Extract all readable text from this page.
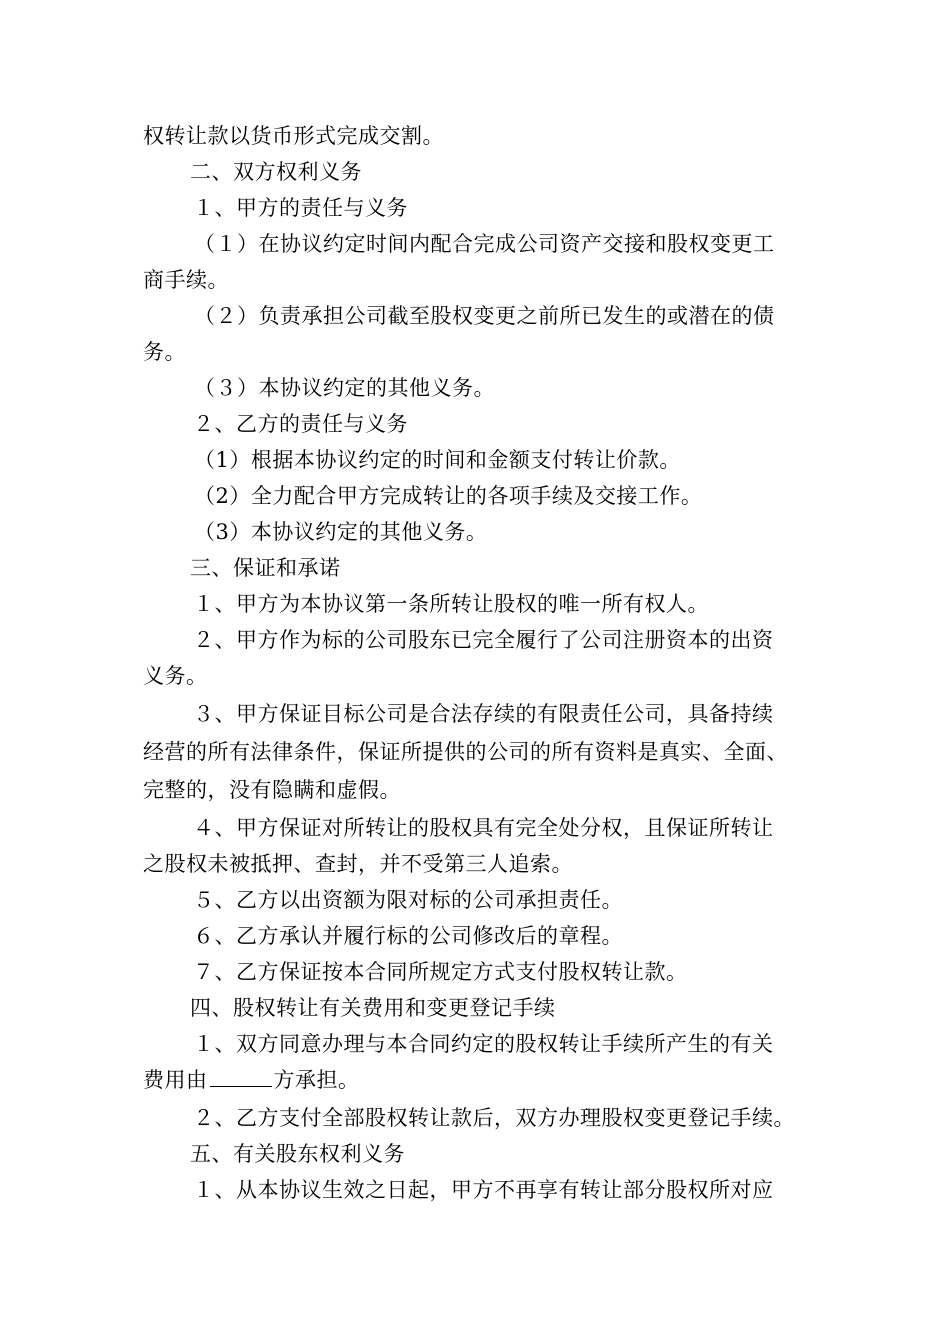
权转让款以货币形式完成交割。
二、双方权利义务
１、甲方的责任与义务
（１）在协议约定时间内配合完成公司资产交接和股权变更工
商手续。
（２）负责承担公司截至股权变更之前所已发生的或潜在的债
务。
（３）本协议约定的其他义务。
２、乙方的责任与义务
（1）根据本协议约定的时间和金额支付转让价款。
（2）全力配合甲方完成转让的各项手续及交接工作。
（3）本协议约定的其他义务。
三、保证和承诺
１、甲方为本协议第一条所转让股权的唯一所有权人。
２、甲方作为标的公司股东已完全履行了公司注册资本的出资
义务。
３、甲方保证目标公司是合法存续的有限责任公司，具备持续
经营的所有法律条件，保证所提供的公司的所有资料是真实、全面、
完整的，没有隐瞒和虚假。
４、甲方保证对所转让的股权具有完全处分权，且保证所转让
之股权未被抵押、查封，并不受第三人追索。
５、乙方以出资额为限对标的公司承担责任。
６、乙方承认并履行标的公司修改后的章程。
７、乙方保证按本合同所规定方式支付股权转让款。
四、股权转让有关费用和变更登记手续
１、双方同意办理与本合同约定的股权转让手续所产生的有关
费用由	方承担。
２、乙方支付全部股权转让款后，双方办理股权变更登记手续。
五、有关股东权利义务
１、从本协议生效之日起，甲方不再享有转让部分股权所对应
